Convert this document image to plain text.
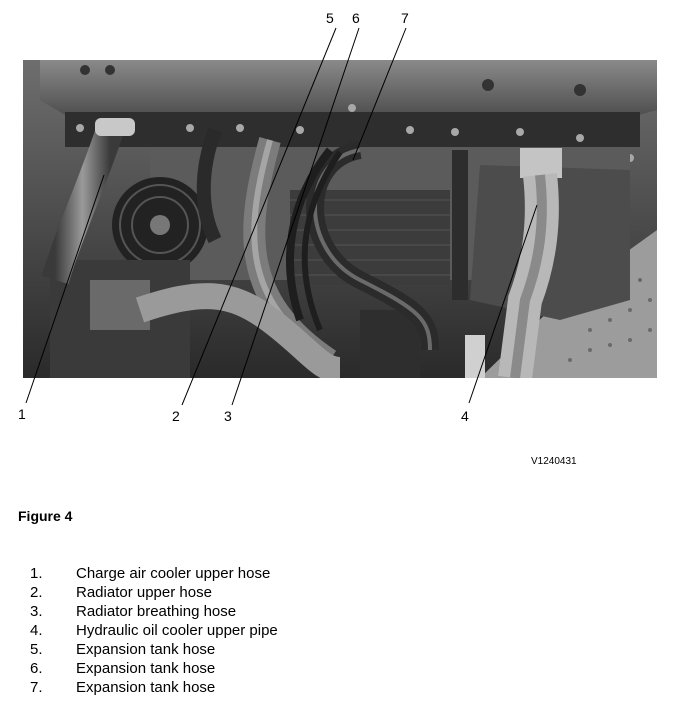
5 6	7
1	2	3	4
V1240431
Figure 4
1.	Charge air cooler upper hose
2.	Radiator upper hose
3.	Radiator breathing hose
4.	Hydraulic oil cooler upper pipe
5.	Expansion tank hose
6.	Expansion tank hose
7.	Expansion tank hose
